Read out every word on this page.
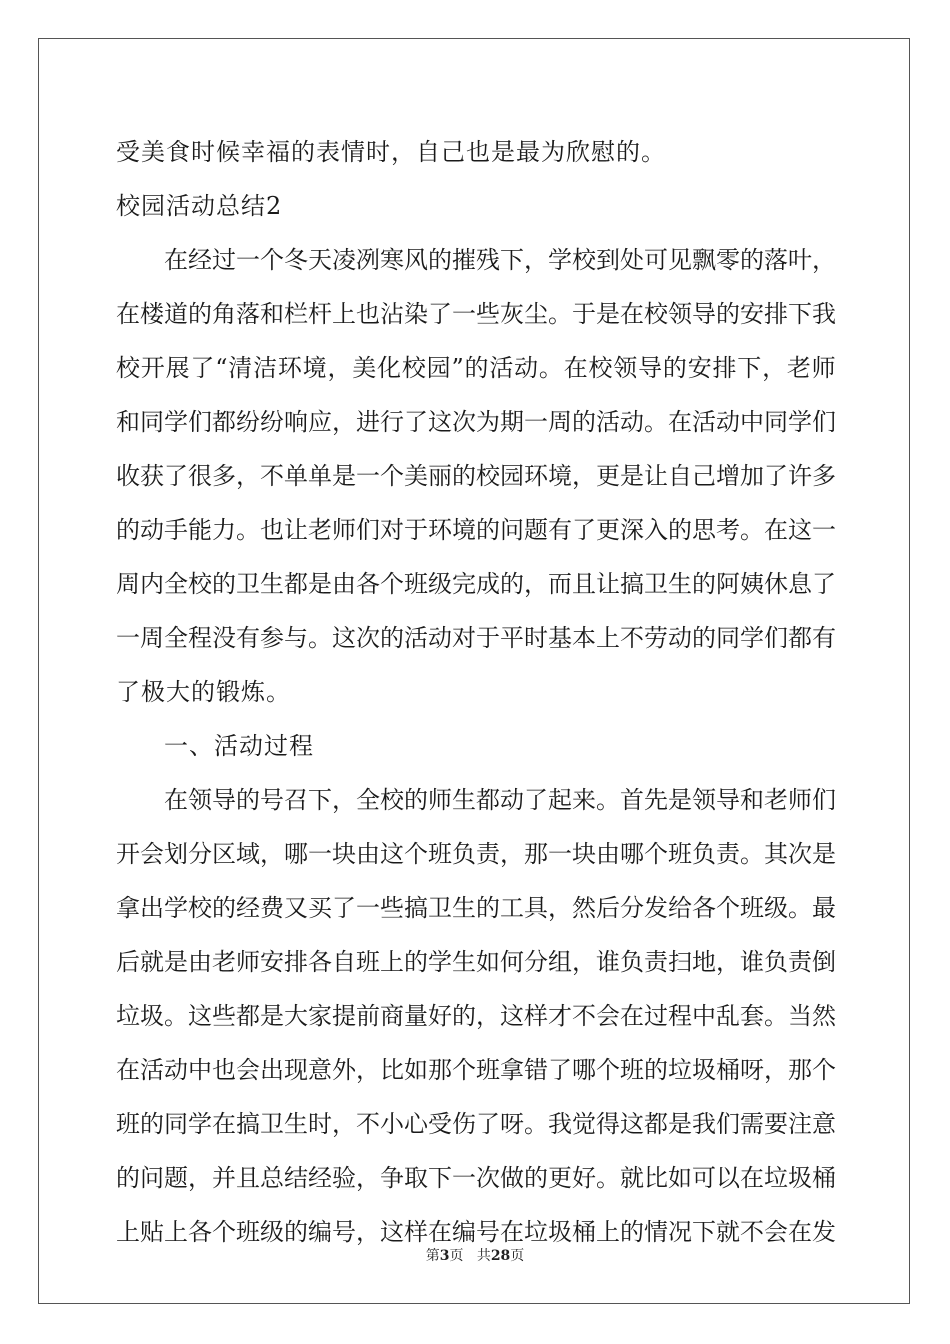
受美食时候幸福的表情时，自己也是最为欣慰的。
校园活动总结2
在 经 过 一 个 冬 天 凌 冽 寒 风 的 摧 残 下 ， 学 校 到 处 可 见 飘 零 的 落 叶 ，
在 楼 道 的 角 落 和 栏 杆 上 也 沾 染 了 一 些 灰 尘 。 于 是 在 校 领 导 的 安 排 下 我
校 开 展 了 “ 清 洁 环 境 ， 美 化 校 园 ” 的 活 动 。 在 校 领 导 的 安 排 下 ， 老 师
和 同 学 们 都 纷 纷 响 应 ， 进 行 了 这 次 为 期 一 周 的 活 动 。 在 活 动 中 同 学 们
收 获 了 很 多 ， 不 单 单 是 一 个 美 丽 的 校 园 环 境 ， 更 是 让 自 己 增 加 了 许 多
的 动 手 能 力 。 也 让 老 师 们 对 于 环 境 的 问 题 有 了 更 深 入 的 思 考 。 在 这 一
周 内 全 校 的 卫 生 都 是 由 各 个 班 级 完 成 的 ， 而 且 让 搞 卫 生 的 阿 姨 休 息 了
一 周 全 程 没 有 参 与 。 这 次 的 活 动 对 于 平 时 基 本 上 不 劳 动 的 同 学 们 都 有
了极大的锻炼。
一、活动过程
在 领 导 的 号 召 下 ， 全 校 的 师 生 都 动 了 起 来 。 首 先 是 领 导 和 老 师 们
开 会 划 分 区 域 ， 哪 一 块 由 这 个 班 负 责 ， 那 一 块 由 哪 个 班 负 责 。 其 次 是
拿 出 学 校 的 经 费 又 买 了 一 些 搞 卫 生 的 工 具 ， 然 后 分 发 给 各 个 班 级 。 最
后 就 是 由 老 师 安 排 各 自 班 上 的 学 生 如 何 分 组 ， 谁 负 责 扫 地 ， 谁 负 责 倒
垃 圾 。 这 些 都 是 大 家 提 前 商 量 好 的 ， 这 样 才 不 会 在 过 程 中 乱 套 。 当 然
在 活 动 中 也 会 出 现 意 外 ， 比 如 那 个 班 拿 错 了 哪 个 班 的 垃 圾 桶 呀 ， 那 个
班 的 同 学 在 搞 卫 生 时 ， 不 小 心 受 伤 了 呀 。 我 觉 得 这 都 是 我 们 需 要 注 意
的 问 题 ， 并 且 总 结 经 验 ， 争 取 下 一 次 做 的 更 好 。 就 比 如 可 以 在 垃 圾 桶
上 贴 上 各 个 班 级 的 编 号 ， 这 样 在 编 号 在 垃 圾 桶 上 的 情 况 下 就 不 会 在 发
第3页 共28页
